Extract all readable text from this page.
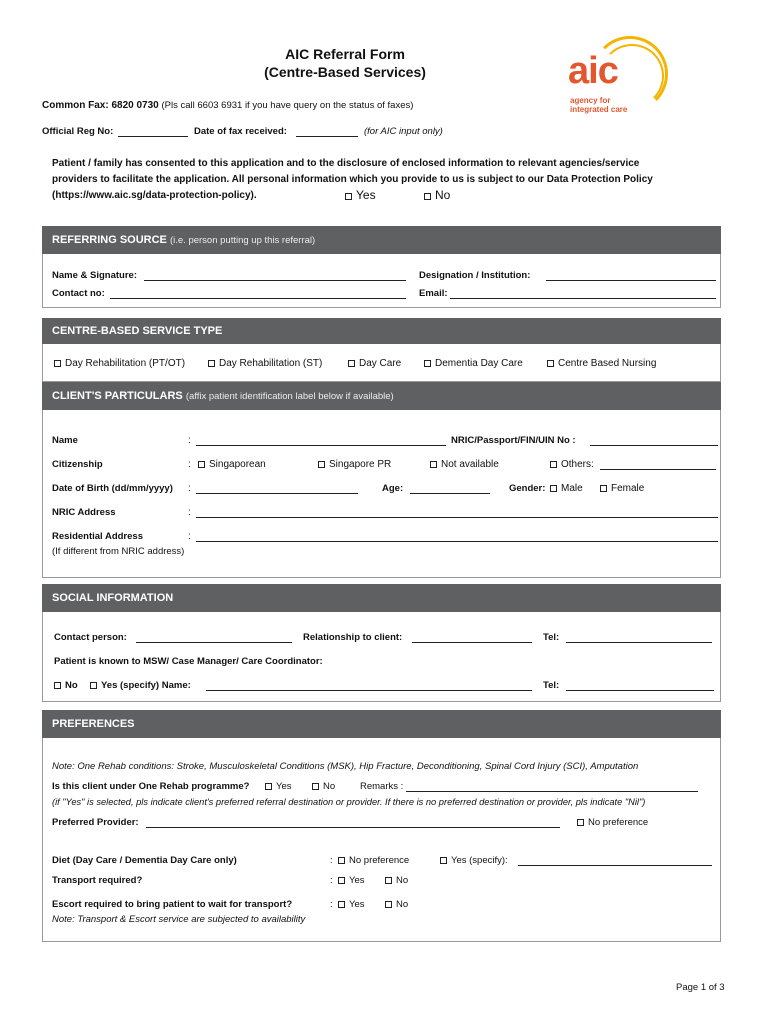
AIC Referral Form
(Centre-Based Services)	aic
agency for
integrated care
Common Fax: 6820 0730 (Pls call 6603 6931 if you have query on the status of faxes)
Official Reg No:	Date of fax received:	(for AIC input only)
Patient / family has consented to this application and to the disclosure of enclosed information to relevant agencies/service
providers to facilitate the application. All personal information which you provide to us is subject to our Data Protection Policy
(https://www.aic.sg/data-protection-policy).	Yes	No
REFERRING SOURCE (i.e. person putting up this referral)
Name & Signature:	Designation / Institution:
Contact no:	Email:
CENTRE-BASED SERVICE TYPE
Day Rehabilitation (PT/OT)	Day Rehabilitation (ST)	Day Care	Dementia Day Care	Centre Based Nursing
CLIENT'S PARTICULARS (affix patient identification label below if available)
Name	:	NRIC/Passport/FIN/UIN No :
Citizenship	:	Singaporean	Singapore PR	Not available	Others:
Date of Birth (dd/mm/yyyy) :	Age:	Gender:	Male	Female
NRIC Address	:
Residential Address	:
(If different from NRIC address)
SOCIAL INFORMATION
Contact person:	Relationship to client:	Tel:
Patient is known to MSW/ Case Manager/ Care Coordinator:
No	Yes (specify) Name:	Tel:
PREFERENCES
Note: One Rehab conditions: Stroke, Musculoskeletal Conditions (MSK), Hip Fracture, Deconditioning, Spinal Cord Injury (SCI), Amputation
Is this client under One Rehab programme?	Yes	No	Remarks :
(if "Yes" is selected, pls indicate client's preferred referral destination or provider. If there is no preferred destination or provider, pls indicate "Nil")
Preferred Provider:	No preference
Diet (Day Care / Dementia Day Care only)	:	No preference	Yes (specify):
Transport required?	:	Yes	No
Escort required to bring patient to wait for transport?	:	Yes	No
Note: Transport & Escort service are subjected to availability
Page 1 of 3
